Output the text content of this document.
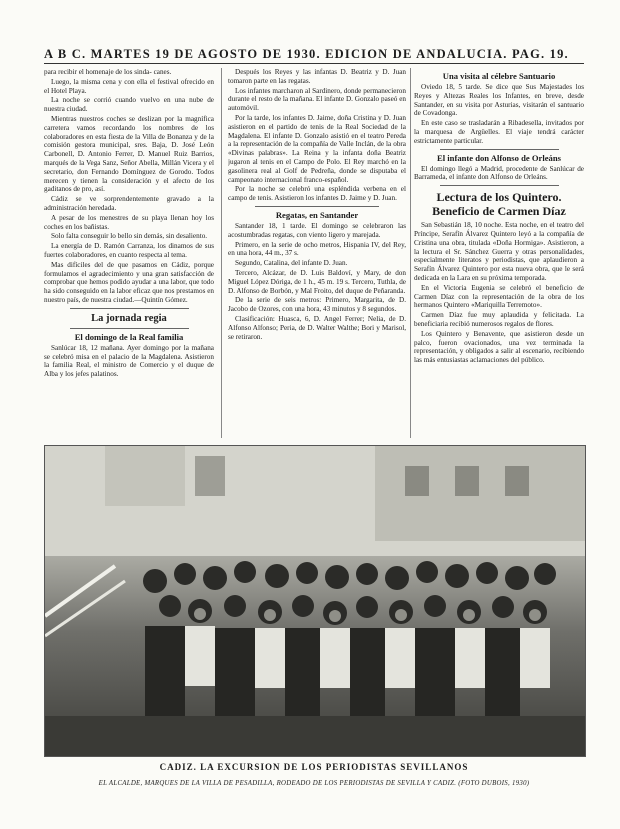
A B C. MARTES 19 DE AGOSTO DE 1930. EDICION DE ANDALUCIA. PAG. 19.

para recibir el homenaje de los sinda- canes.

Luego, la misma cena y con ella el festival ofrecido en el Hotel Playa.

La noche se corrió cuando vuelvo en una nube de nuestra ciudad.

Mientras nuestros coches se deslizan por la magnífica carretera vamos recordando los nombres de los colaboradores en esta fiesta de la Villa de Bonanza y de la comisión gestora municipal, sres. Baja, D. José León Carbonell, D. Antonio Ferrer, D. Manuel Ruiz Barrios, marqués de la Vega Sanz, Señor Abella, Millán Vicera y el secretario, don Fernando Domínguez de Gorodo. Todos merecen y tienen la consideración y el afecto de los gaditanos de pro, así.

Cádiz se ve sorprendentemente gravado a la administración heredada.

A pesar de los menestres de su playa llenan hoy los coches en los bañistas.

Solo falta conseguir lo bello sin demás, sin desaliento.

La energía de D. Ramón Carranza, los dinamos de sus fuertes colaboradores, en cuanto respecta al tema.

Mas difíciles del de que pasamos en Cádiz, porque formulamos el agradecimiento y una gran satisfacción de comprobar que hemos podido ayudar a una labor, que todo ha sido conseguido en la labor eficaz que nos prestamos en nuestro país, de nuestra ciudad.—Quintín Gómez.

La jornada regia
El domingo de la Real familia

Sanlúcar 18, 12 mañana. Ayer domingo por la mañana se celebró misa en el palacio de la Magdalena. Asistieron la familia Real, el ministro de Comercio y el duque de Alba y los jefes palatinos.

Después los Reyes y las infantas D. Beatriz y D. Juan tomaron parte en las regatas.

Los infantes marcharon al Sardinero, donde permanecieron durante el resto de la mañana. El infante D. Gonzalo paseó en automóvil.

Por la tarde, los infantes D. Jaime, doña Cristina y D. Juan asistieron en el partido de tenis de la Real Sociedad de la Magdalena. El infante D. Gonzalo asistió en el teatro Pereda a la representación de la compañía de Valle Inclán, de la obra «Divinas palabras». La Reina y la infanta doña Beatriz jugaron al tenis en el Campo de Polo. El Rey marchó en la gasolinera real al Golf de Pedreña, donde se disputaba el campeonato internacional franco-español.

Por la noche se celebró una espléndida verbena en el campo de tenis. Asistieron los infantes D. Jaime y D. Juan.

Regatas, en Santander

Santander 18, 1 tarde. El domingo se celebraron las acostumbradas regatas, con viento ligero y marejada.

Primero, en la serie de ocho metros, Hispania IV, del Rey, en una hora, 44 m., 37 s.

Segundo, Catalina, del infante D. Juan.

Tercero, Alcázar, de D. Luis Baldoví, y Mary, de don Miguel López Dóriga, de 1 h., 45 m. 19 s. Tercero, Tuthla, de D. Alfonso de Borbón, y Mal Froito, del duque de Peñaranda.

De la serie de seis metros: Primero, Margarita, de D. Jacobo de Ozores, con una hora, 43 minutos y 8 segundos.

Clasificación: Huasca, 6, D. Angel Ferrer; Nelia, de D. Alfonso Alfonso; Peria, de D. Walter Walthe; Bori y Marisol, se retiraron.

Una visita al célebre Santuario

Oviedo 18, 5 tarde. Se dice que Sus Majestades los Reyes y Altezas Reales los Infantes, en breve, desde Santander, en su visita por Asturias, visitarán el santuario de Covadonga.

En este caso se trasladarán a Ribadesella, invitados por la marquesa de Argüelles. El viaje tendrá carácter estrictamente particular.

El infante don Alfonso de Orleáns

El domingo llegó a Madrid, procedente de Sanlúcar de Barrameda, el infante don Alfonso de Orleáns.

Lectura de los Quintero. Beneficio de Carmen Díaz

San Sebastián 18, 10 noche. Esta noche, en el teatro del Príncipe, Serafín Álvarez Quintero leyó a la compañía de Cristina una obra, titulada «Doña Hormiga». Asistieron, a la lectura el Sr. Sánchez Guerra y otras personalidades, especialmente literatos y periodistas, que aplaudieron a Serafín Álvarez Quintero por esta nueva obra, que le será dedicada en la Lara en su próxima temporada.

En el Victoria Eugenia se celebró el beneficio de Carmen Díaz con la representación de la obra de los hermanos Quintero «Mariquilla Terremoto».

Carmen Díaz fue muy aplaudida y felicitada. La beneficiaria recibió numerosos regalos de flores.

Los Quintero y Benavente, que asistieron desde un palco, fueron ovacionados, una vez terminada la representación, y obligados a salir al escenario, recibiendo las más entusiastas aclamaciones del público.

CADIZ. LA EXCURSION DE LOS PERIODISTAS SEVILLANOS
EL ALCALDE, MARQUÉS DE LA VILLA DE PESADILLA, RODEADO DE LOS PERIODISTAS DE SEVILLA Y CÁDIZ. (FOTO DUBOIS, 1930)
